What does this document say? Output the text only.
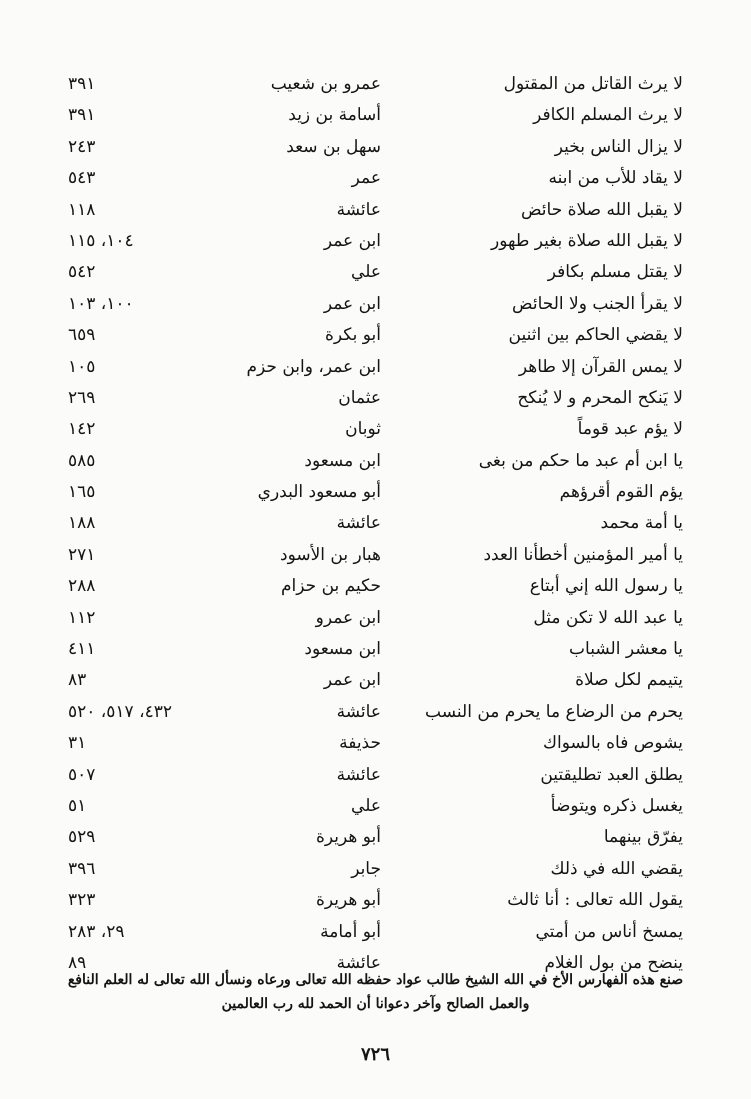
لا يرث القاتل من المقتول
عمرو بن شعيب
٣٩١
لا يرث المسلم الكافر
أسامة بن زيد
٣٩١
لا يزال الناس بخير
سهل بن سعد
٢٤٣
لا يقاد للأب من ابنه
عمر
٥٤٣
لا يقبل الله صلاة حائض
عائشة
١١٨
لا يقبل الله صلاة بغير طهور
ابن عمر
١٠٤، ١١٥
لا يقتل مسلم بكافر
علي
٥٤٢
لا يقرأ الجنب ولا الحائض
ابن عمر
١٠٠، ١٠٣
لا يقضي الحاكم بين اثنين
أبو بكرة
٦٥٩
لا يمس القرآن إلا طاهر
ابن عمر، وابن حزم
١٠٥
لا يَنكح المحرم و لا يُنكح
عثمان
٢٦٩
لا يؤم عبد قوماً
ثوبان
١٤٢
يا ابن أم عبد ما حكم من بغى
ابن مسعود
٥٨٥
يؤم القوم أقرؤهم
أبو مسعود البدري
١٦٥
يا أمة محمد
عائشة
١٨٨
يا أمير المؤمنين أخطأنا العدد
هبار بن الأسود
٢٧١
يا رسول الله إني أبتاع
حكيم بن حزام
٢٨٨
يا عبد الله لا تكن مثل
ابن عمرو
١١٢
يا معشر الشباب
ابن مسعود
٤١١
يتيمم لكل صلاة
ابن عمر
٨٣
يحرم من الرضاع ما يحرم من النسب
عائشة
٤٣٢، ٥١٧، ٥٢٠
يشوص فاه بالسواك
حذيفة
٣١
يطلق العبد تطليقتين
عائشة
٥٠٧
يغسل ذكره ويتوضأ
علي
٥١
يفرّق بينهما
أبو هريرة
٥٢٩
يقضي الله في ذلك
جابر
٣٩٦
يقول الله تعالى : أنا ثالث
أبو هريرة
٣٢٣
يمسخ أناس من أمتي
أبو أمامة
٢٩، ٢٨٣
ينضح من بول الغلام
عائشة
٨٩
صنع هذه الفهارس الأخ في الله الشيخ طالب عواد حفظه الله تعالى ورعاه ونسأل الله تعالى له العلم النافع
والعمل الصالح وآخر دعوانا أن الحمد لله رب العالمين
٧٢٦
